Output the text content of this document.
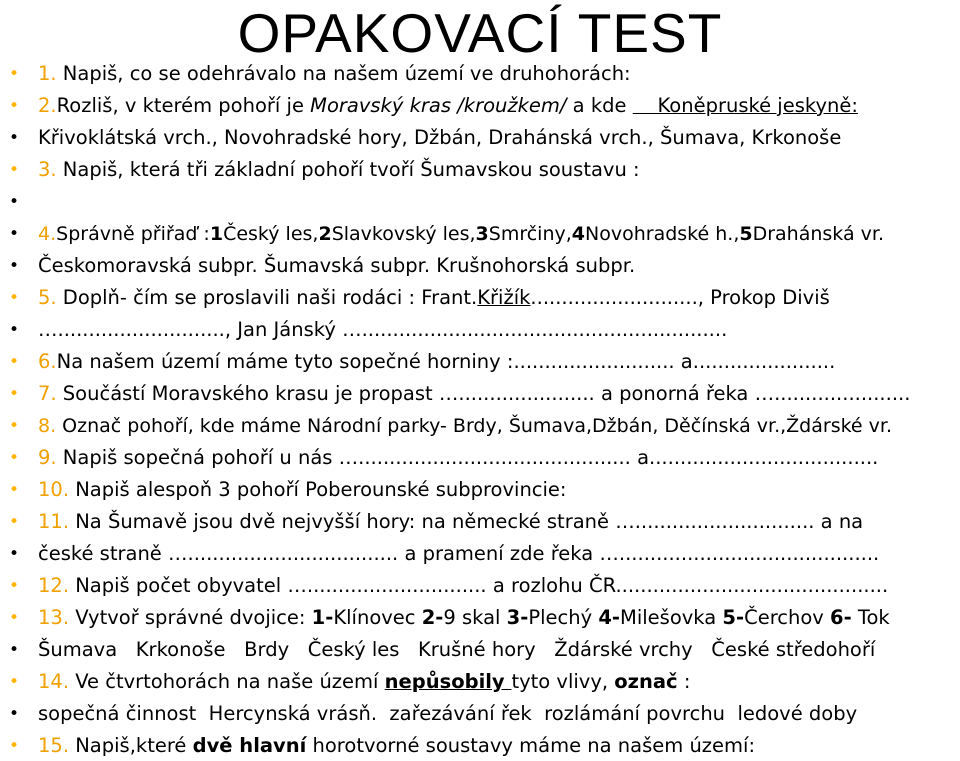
OPAKOVACÍ TEST
• 1. Napiš, co se odehrávalo na našem území ve druhohorách:
• 2.Rozliš, v kterém pohoří je Moravský kras /kroužkem/ a kde     Koněpruské jeskyně:
• Křivoklátská vrch., Novohradské hory, Džbán, Drahánská vrch., Šumava, Krkonoše
• 3. Napiš, která tři základní pohoří tvoří Šumavskou soustavu :
•
• 4.Správně přiřaď :1Český les,2Slavkovský les,3Smrčiny,4Novohradské h.,5Drahánská vr.
• Českomoravská subpr. Šumavská subpr. Krušnohorská subpr.
• 5. Doplň- čím se proslavili naši rodáci : Frant.Křižík..........................., Prokop Diviš
• …..........................., Jan Jánský …...........................................................
• 6.Na našem území máme tyto sopečné horniny :.......................... a.......................
• 7. Součástí Moravského krasu je propast …...................... a ponorná řeka …......................
• 8. Označ pohoří, kde máme Národní parky- Brdy, Šumava,Džbán, Děčínská vr.,Ždárské vr.
• 9. Napiš sopečná pohoří u nás …............................................ a.....................................
• 10. Napiš alespoň 3 pohoří Poberounské subprovincie:
• 11. Na Šumavě jsou dvě nejvyšší hory: na německé straně …............................. a na
• české straně ….................................. a pramení zde řeka …..........................................
• 12. Napiš počet obyvatel …............................. a rozlohu ČR............................................
• 13. Vytvoř správné dvojice: 1-Klínovec 2-9 skal 3-Plechý 4-Milešovka 5-Čerchov 6- Tok
• Šumava   Krkonoše   Brdy   Český les   Krušné hory   Ždárské vrchy   České středohoří
• 14. Ve čtvrtohorách na naše území nepůsobily tyto vlivy, označ :
• sopečná činnost  Hercynská vrásň.  zařezávání řek  rozlámání povrchu  ledové doby
• 15. Napiš,které dvě hlavní horotvorné soustavy máme na našem území:
